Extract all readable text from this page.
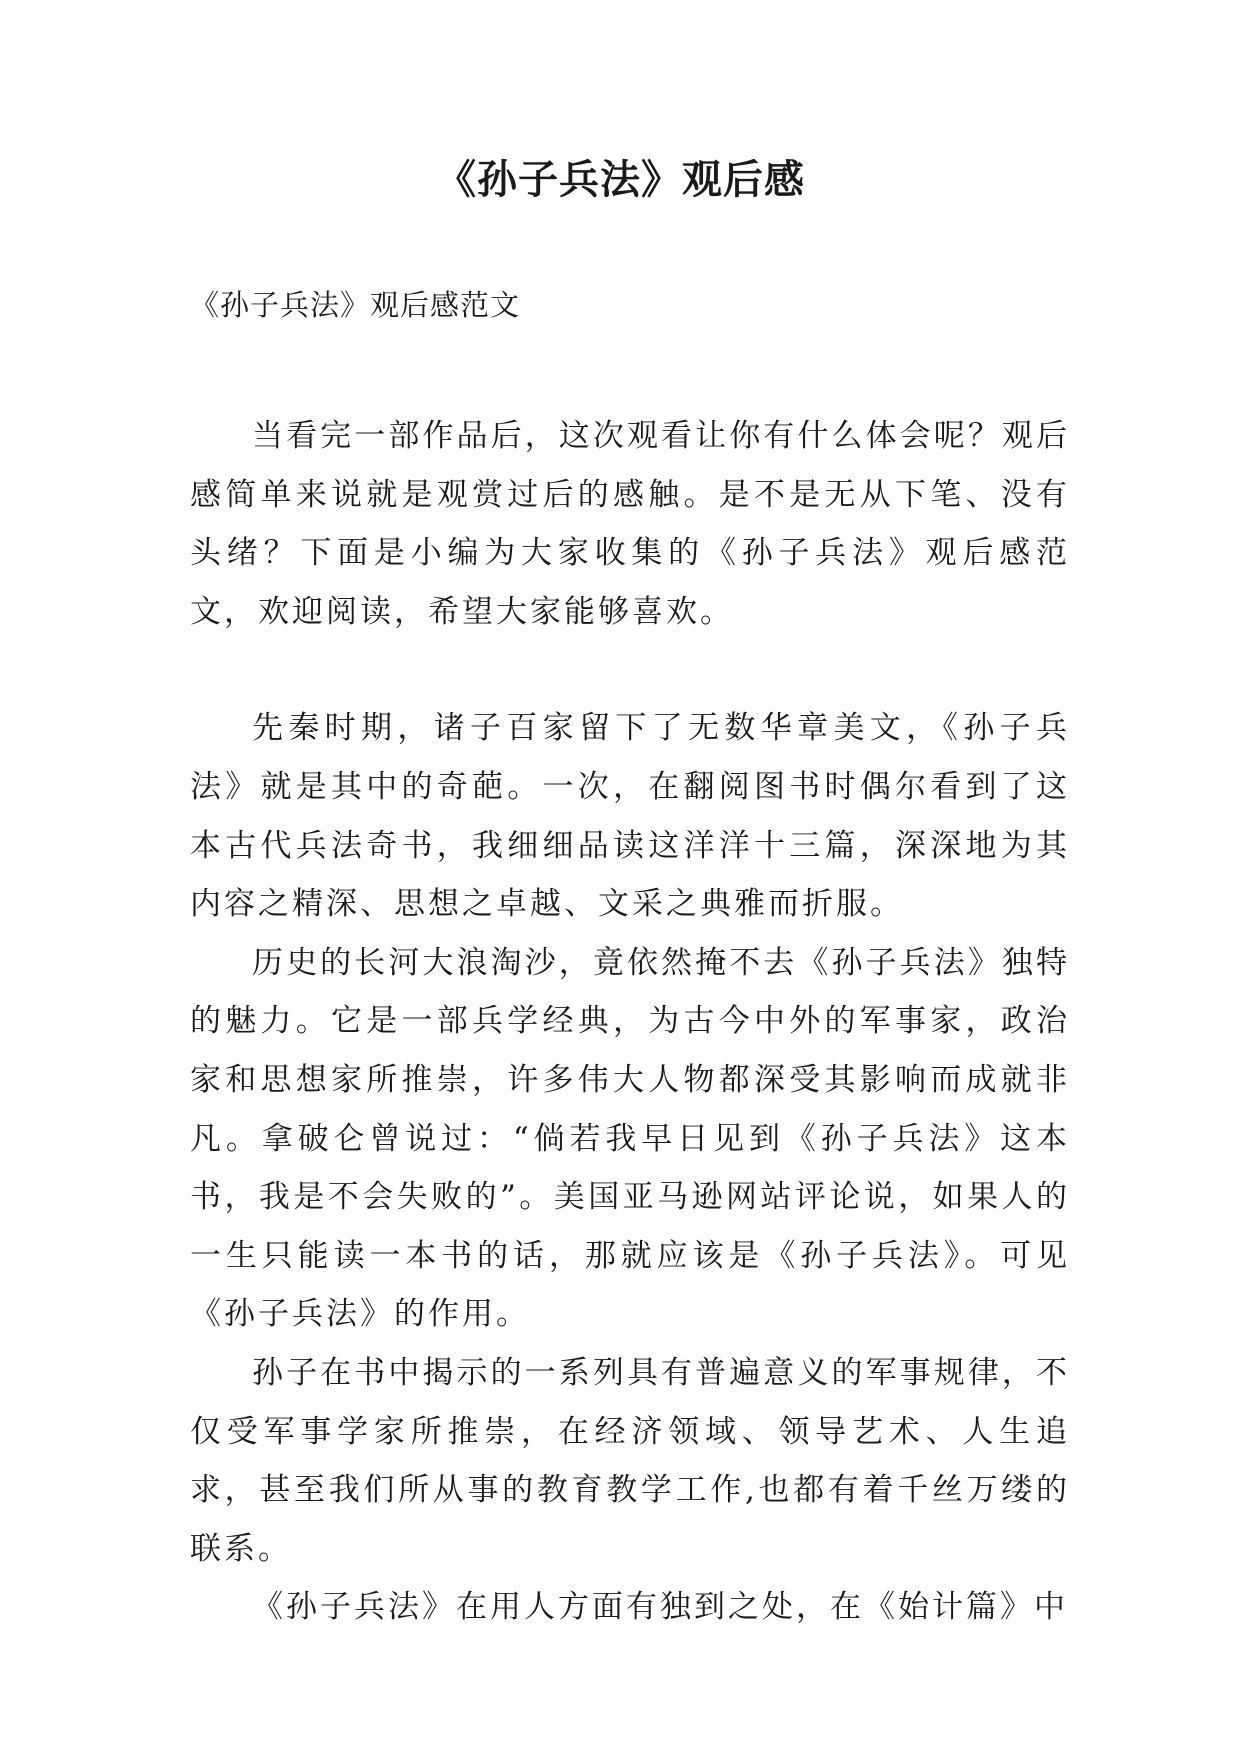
《孙子兵法》观后感
《孙子兵法》观后感范文

当看完一部作品后，这次观看让你有什么体会呢？观后感简单来说就是观赏过后的感触。是不是无从下笔、没有头绪？下面是小编为大家收集的《孙子兵法》观后感范文，欢迎阅读，希望大家能够喜欢。

先秦时期，诸子百家留下了无数华章美文，《孙子兵法》就是其中的奇葩。一次，在翻阅图书时偶尔看到了这本古代兵法奇书，我细细品读这洋洋十三篇，深深地为其内容之精深、思想之卓越、文采之典雅而折服。

历史的长河大浪淘沙，竟依然掩不去《孙子兵法》独特的魅力。它是一部兵学经典，为古今中外的军事家，政治家和思想家所推崇，许多伟大人物都深受其影响而成就非凡。拿破仑曾说过：“倘若我早日见到《孙子兵法》这本书，我是不会失败的”。美国亚马逊网站评论说，如果人的一生只能读一本书的话，那就应该是《孙子兵法》。可见《孙子兵法》的作用。

孙子在书中揭示的一系列具有普遍意义的军事规律，不仅受军事学家所推崇，在经济领域、领导艺术、人生追求，甚至我们所从事的教育教学工作,也都有着千丝万缕的联系。

《孙子兵法》在用人方面有独到之处，在《始计篇》中
